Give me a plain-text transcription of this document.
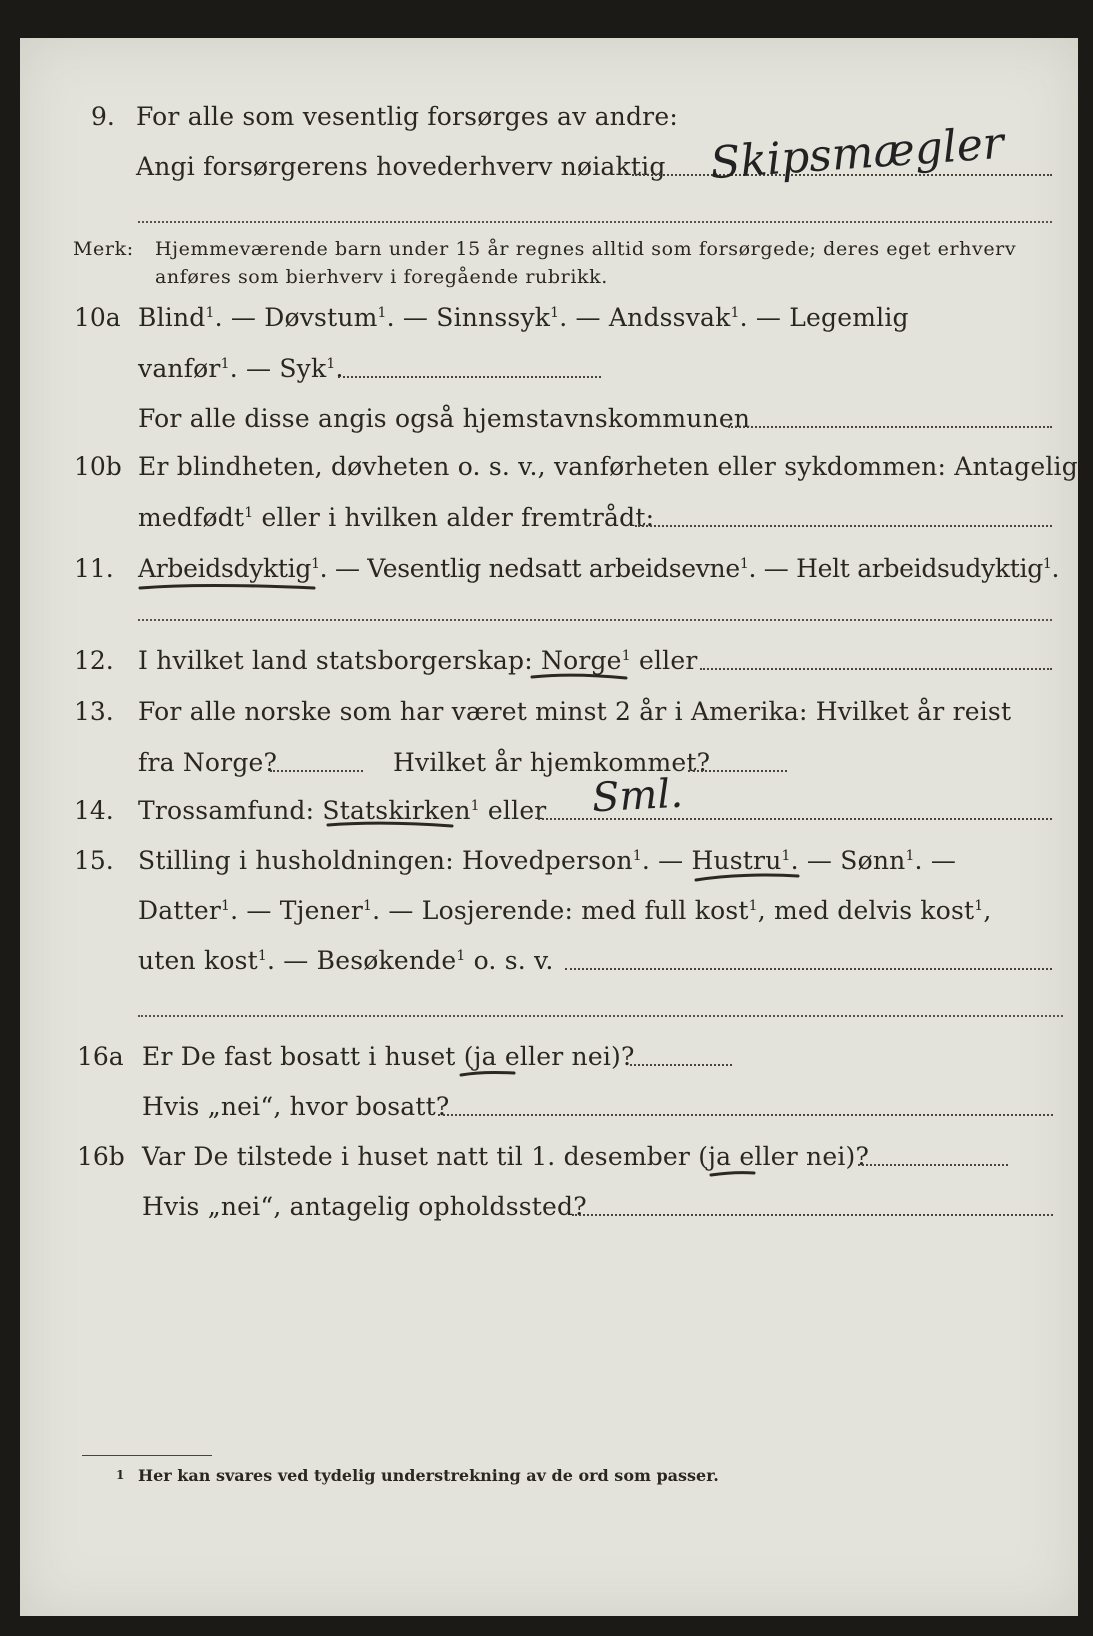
9. For alle som vesentlig forsørges av andre:
Angi forsørgerens hovederhverv nøiaktig Skipsmægler
Merk: Hjemmeværende barn under 15 år regnes alltid som forsørgede; deres eget erhverv
anføres som bierhverv i foregående rubrikk.
10a Blind$^1$. — Døvstum$^1$. — Sinnssyk$^1$. — Andssvak$^1$. — Legemlig
vanfør$^1$. — Syk$^1$.
For alle disse angis også hjemstavnskommunen
10b Er blindheten, døvheten o. s. v., vanførheten eller sykdommen: Antagelig
medfødt$^1$ eller i hvilken alder fremtrådt:
11. Arbeidsdyktig$^1$. — Vesentlig nedsatt arbeidsevne$^1$. — Helt arbeidsudyktig$^1$.
12. I hvilket land statsborgerskap: Norge$^1$ eller
13. For alle norske som har været minst 2 år i Amerika: Hvilket år reist
fra Norge?	Hvilket år hjemkommet?
14. Trossamfund: Statskirken$^1$ eller Sml.
15. Stilling i husholdningen: Hovedperson$^1$. — Hustru$^1$. — Sønn$^1$. —
Datter$^1$. — Tjener$^1$. — Losjerende: med full kost$^1$, med delvis kost$^1$,
uten kost$^1$. — Besøkende$^1$ o. s. v.
16a Er De fast bosatt i huset (ja eller nei)?
Hvis „nei“, hvor bosatt?
16b Var De tilstede i huset natt til 1. desember (ja eller nei)?
Hvis „nei“, antagelig opholdssted?
1 Her kan svares ved tydelig understrekning av de ord som passer.
